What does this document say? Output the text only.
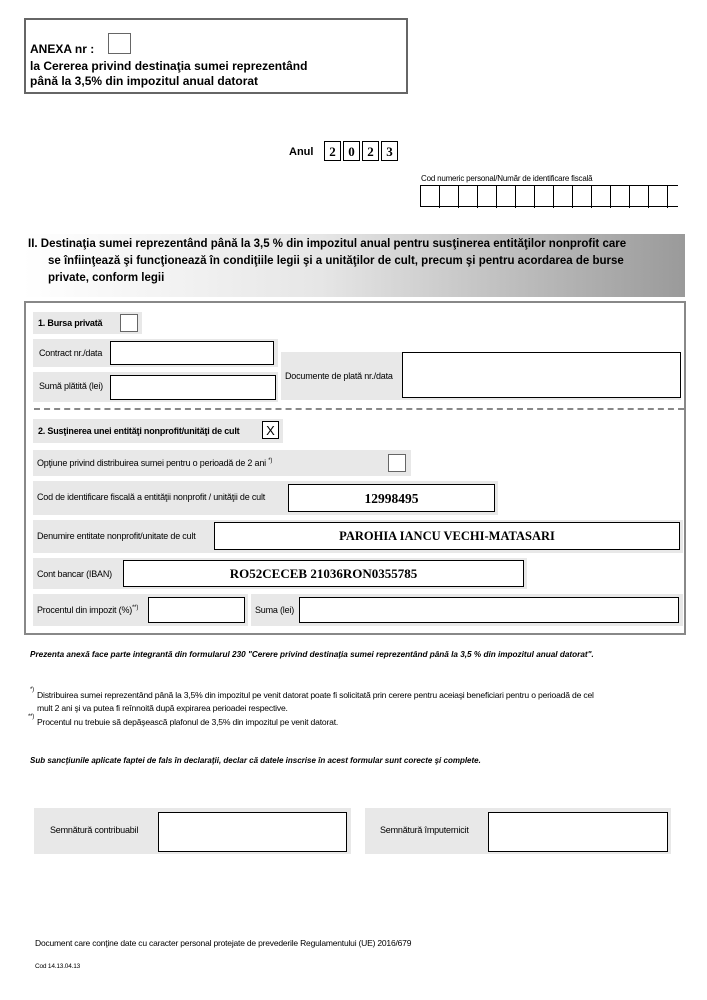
ANEXA nr :
la Cererea privind destinaţia sumei reprezentând
până la 3,5% din impozitul anual datorat
Anul	2 0 2 3
Cod numeric personal/Număr de identificare fiscală
II. Destinaţia sumei reprezentând până la 3,5 % din impozitul anual pentru susţinerea entităţilor nonprofit care
se înfiinţează şi funcţionează în condiţiile legii şi a unităţilor de cult, precum şi pentru acordarea de burse
private, conform legii
1. Bursa privată
Contract nr./data
Sumă plătită (lei)
Documente de plată nr./data
2. Susţinerea unei entităţi nonprofit/unităţi de cult	X
Opţiune privind distribuirea sumei pentru o perioadă de 2 ani *)
Cod de identificare fiscală a entităţii nonprofit / unităţii de cult	12998495
Denumire entitate nonprofit/unitate de cult	PAROHIA IANCU VECHI-MATASARI
Cont bancar (IBAN)	RO52CECEB 21036RON0355785
Procentul din impozit (%)**)	Suma (lei)
Prezenta anexă face parte integrantă din formularul 230 "Cerere privind destinaţia sumei reprezentând până la 3,5 % din impozitul anual datorat".
*) Distribuirea sumei reprezentând până la 3,5% din impozitul pe venit datorat poate fi solicitată prin cerere pentru aceiaşi beneficiari pentru o perioadă de cel
mult 2 ani şi va putea fi reînnoită după expirarea perioadei respective.
**) Procentul nu trebuie să depăşească plafonul de 3,5% din impozitul pe venit datorat.
Sub sancţiunile aplicate faptei de fals în declaraţii, declar că datele inscrise în acest formular sunt corecte şi complete.
Semnătură contribuabil	Semnătură împuternicit
Document care conţine date cu caracter personal protejate de prevederile Regulamentului (UE) 2016/679
Cod 14.13.04.13
